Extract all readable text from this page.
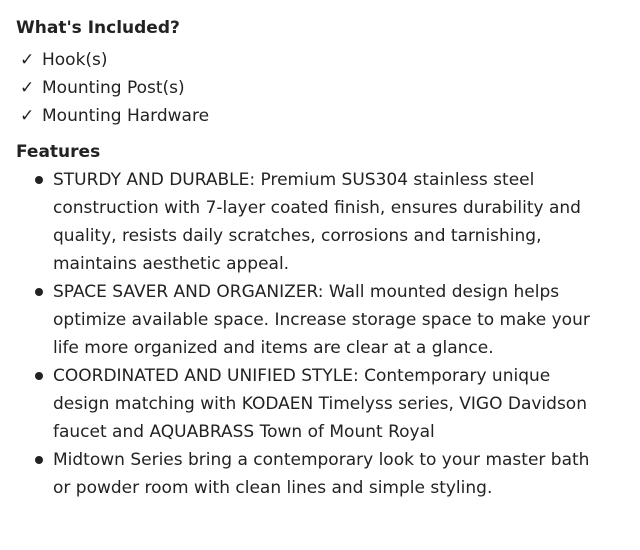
What's Included?
✓ Hook(s)
✓ Mounting Post(s)
✓ Mounting Hardware
Features
STURDY AND DURABLE: Premium SUS304 stainless steel construction with 7-layer coated finish, ensures durability and quality, resists daily scratches, corrosions and tarnishing, maintains aesthetic appeal.
SPACE SAVER AND ORGANIZER: Wall mounted design helps optimize available space. Increase storage space to make your life more organized and items are clear at a glance.
COORDINATED AND UNIFIED STYLE: Contemporary unique design matching with KODAEN Timelyss series, VIGO Davidson faucet and AQUABRASS Town of Mount Royal
Midtown Series bring a contemporary look to your master bath or powder room with clean lines and simple styling.
